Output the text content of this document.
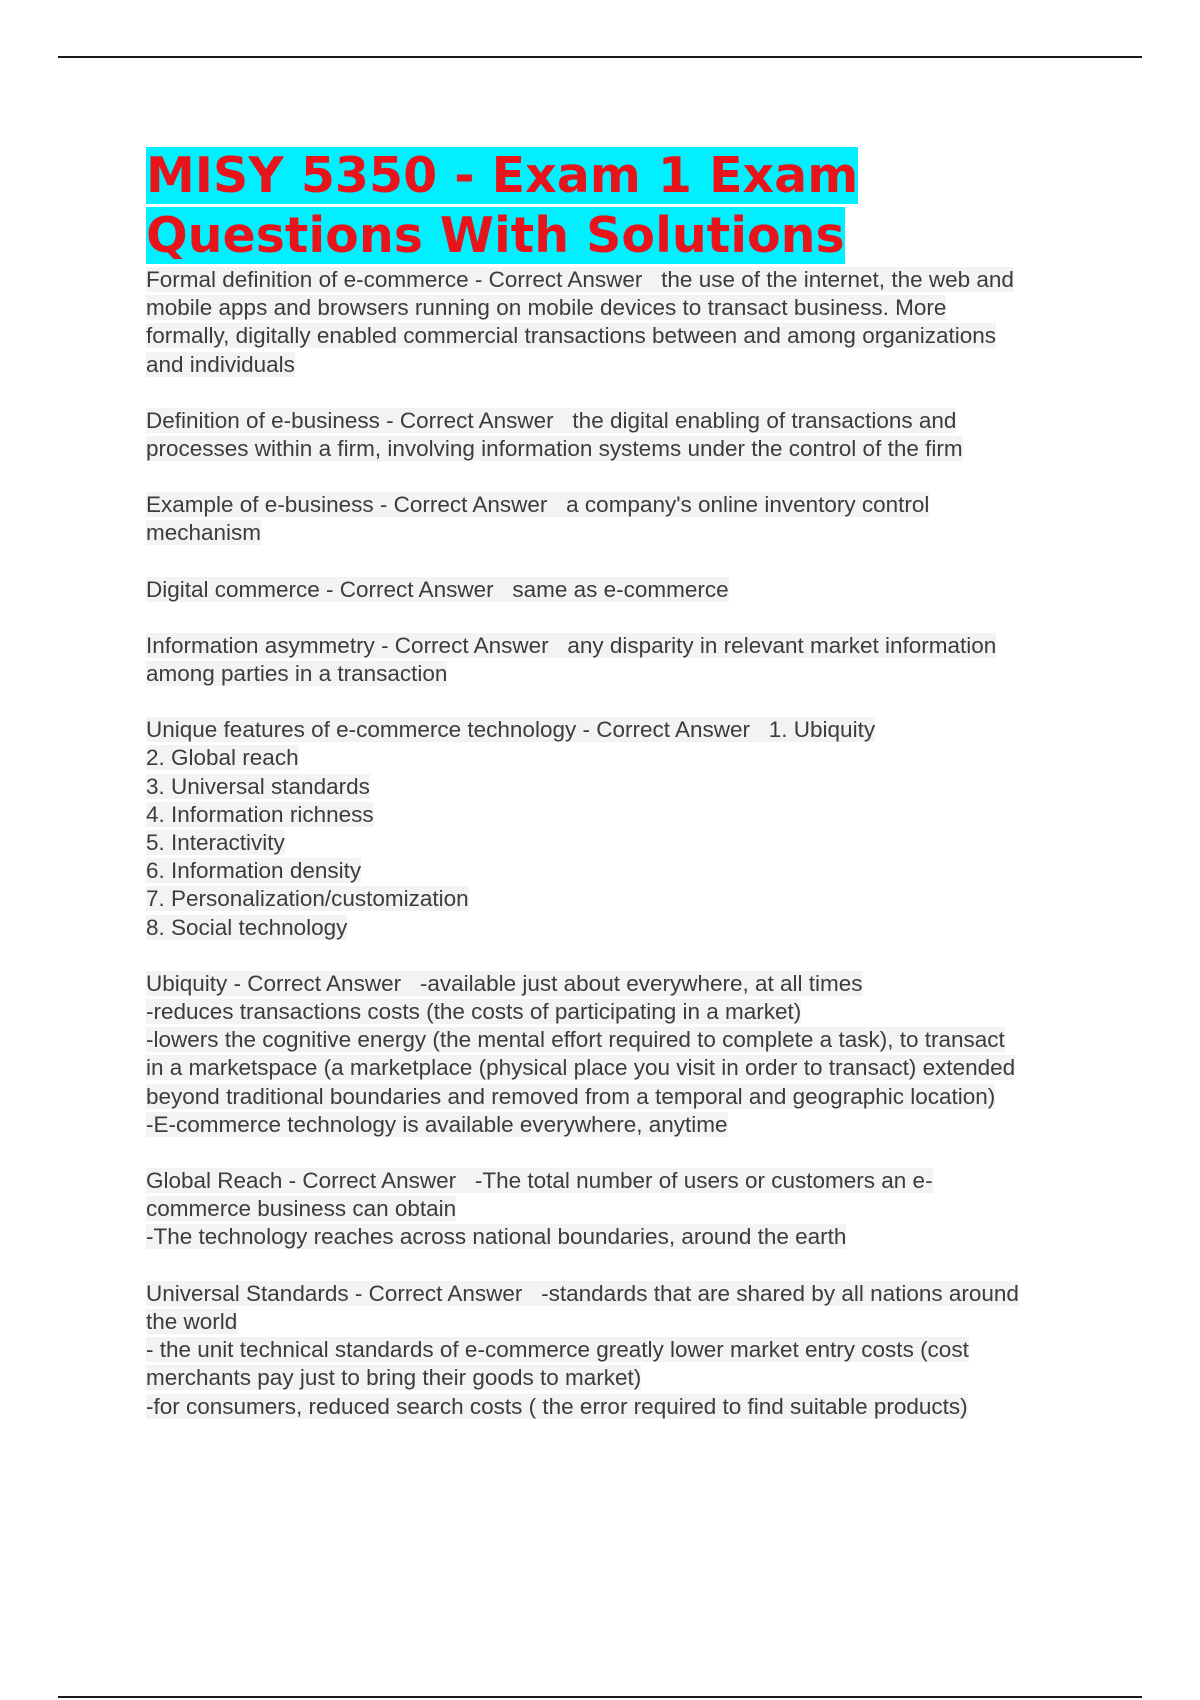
MISY 5350 - Exam 1 Exam
Questions With Solutions

Formal definition of e-commerce - Correct Answer   the use of the internet, the web and
mobile apps and browsers running on mobile devices to transact business. More
formally, digitally enabled commercial transactions between and among organizations
and individuals

Definition of e-business - Correct Answer   the digital enabling of transactions and
processes within a firm, involving information systems under the control of the firm

Example of e-business - Correct Answer   a company's online inventory control
mechanism

Digital commerce - Correct Answer   same as e-commerce

Information asymmetry - Correct Answer   any disparity in relevant market information
among parties in a transaction

Unique features of e-commerce technology - Correct Answer   1. Ubiquity
2. Global reach
3. Universal standards
4. Information richness
5. Interactivity
6. Information density
7. Personalization/customization
8. Social technology

Ubiquity - Correct Answer   -available just about everywhere, at all times
-reduces transactions costs (the costs of participating in a market)
-lowers the cognitive energy (the mental effort required to complete a task), to transact
in a marketspace (a marketplace (physical place you visit in order to transact) extended
beyond traditional boundaries and removed from a temporal and geographic location)
-E-commerce technology is available everywhere, anytime

Global Reach - Correct Answer   -The total number of users or customers an e-
commerce business can obtain
-The technology reaches across national boundaries, around the earth

Universal Standards - Correct Answer   -standards that are shared by all nations around
the world
- the unit technical standards of e-commerce greatly lower market entry costs (cost
merchants pay just to bring their goods to market)
-for consumers, reduced search costs ( the error required to find suitable products)
